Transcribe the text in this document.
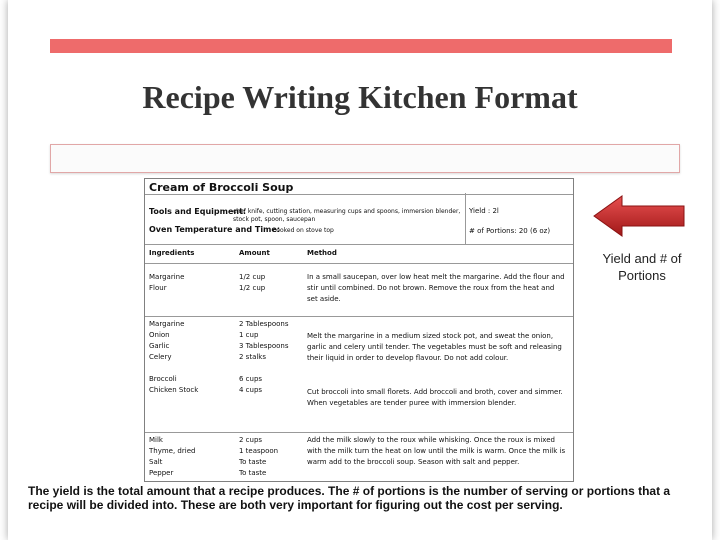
Recipe Writing Kitchen Format
Cream of Broccoli Soup
Tools and Equipment:
chef knife, cutting station, measuring cups and spoons, immersion blender, stock pot, spoon, saucepan
Oven Temperature and Time:
cooked on stove top
Yield : 2l
# of Portions: 20 (6 oz)
Ingredients	Amount	Method
Margarine
Flour
1/2 cup
1/2 cup
In a small saucepan, over low heat melt the margarine. Add the flour and stir until combined. Do not brown. Remove the roux from the heat and set aside.
Margarine
Onion
Garlic
Celery

Broccoli
Chicken Stock
2 Tablespoons
1 cup
3 Tablespoons
2 stalks

6 cups
4 cups
Melt the margarine in a medium sized stock pot, and sweat the onion, garlic and celery until tender. The vegetables must be soft and releasing their liquid in order to develop flavour. Do not add colour.
Cut broccoli into small florets. Add broccoli and broth, cover and simmer. When vegetables are tender puree with immersion blender.
Milk
Thyme, dried
Salt
Pepper
2 cups
1 teaspoon
To taste
To taste
Add the milk slowly to the roux while whisking. Once the roux is mixed with the milk turn the heat on low until the milk is warm. Once the milk is warm add to the broccoli soup. Season with salt and pepper.
Yield and # of Portions
The yield is the total amount that a recipe produces. The # of portions is the number of serving or portions that a recipe will be divided into. These are both very important for figuring out the cost per serving.
